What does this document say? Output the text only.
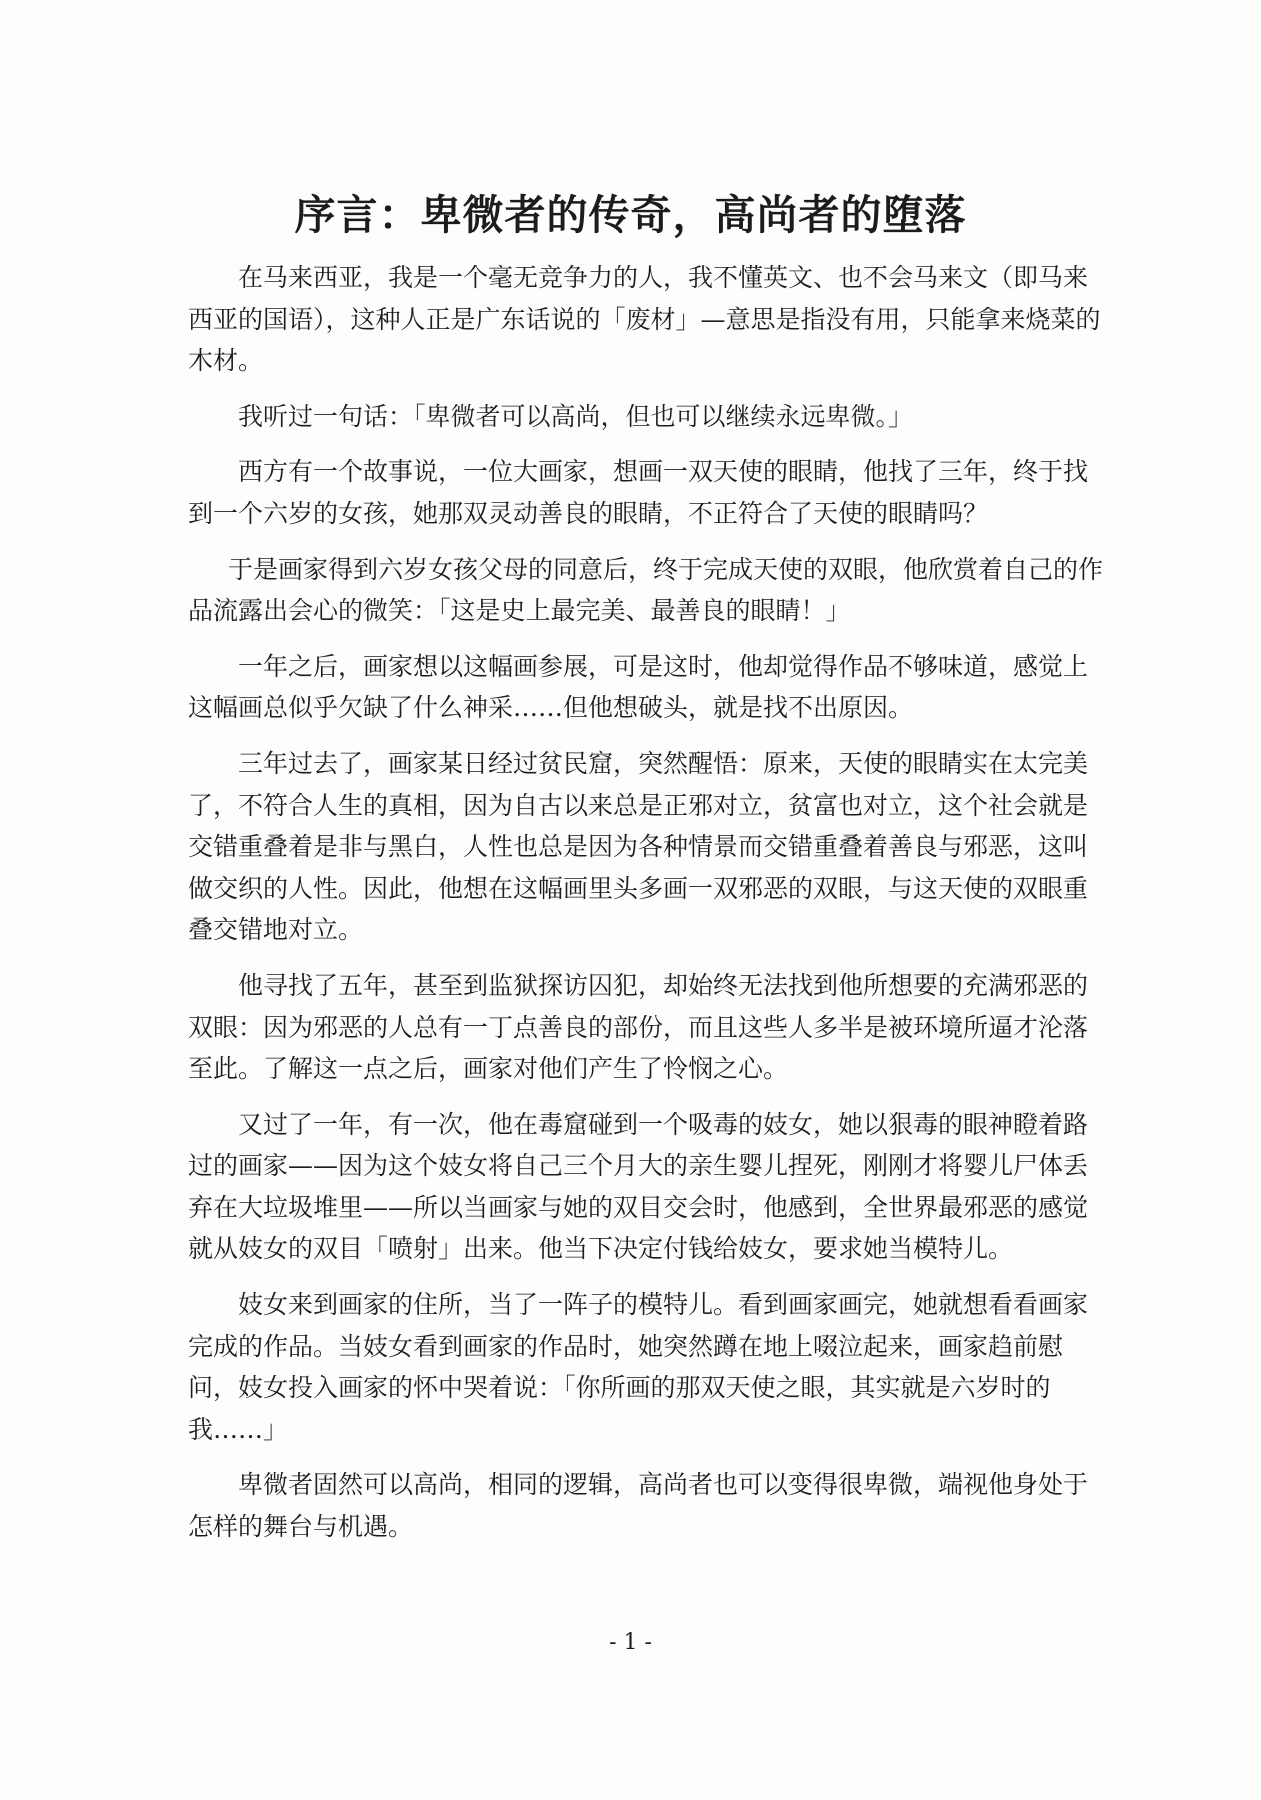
序言：卑微者的传奇，高尚者的堕落

在马来西亚，我是一个毫无竞争力的人，我不懂英文、也不会马来文（即马来西亚的国语），这种人正是广东话说的「废材」—意思是指没有用，只能拿来烧菜的木材。

我听过一句话：「卑微者可以高尚，但也可以继续永远卑微。」

西方有一个故事说，一位大画家，想画一双天使的眼睛，他找了三年，终于找到一个六岁的女孩，她那双灵动善良的眼睛，不正符合了天使的眼睛吗？

于是画家得到六岁女孩父母的同意后，终于完成天使的双眼，他欣赏着自己的作品流露出会心的微笑：「这是史上最完美、最善良的眼睛！」

一年之后，画家想以这幅画参展，可是这时，他却觉得作品不够味道，感觉上这幅画总似乎欠缺了什么神采……但他想破头，就是找不出原因。

三年过去了，画家某日经过贫民窟，突然醒悟：原来，天使的眼睛实在太完美了，不符合人生的真相，因为自古以来总是正邪对立，贫富也对立，这个社会就是交错重叠着是非与黑白，人性也总是因为各种情景而交错重叠着善良与邪恶，这叫做交织的人性。因此，他想在这幅画里头多画一双邪恶的双眼，与这天使的双眼重叠交错地对立。

他寻找了五年，甚至到监狱探访囚犯，却始终无法找到他所想要的充满邪恶的双眼：因为邪恶的人总有一丁点善良的部份，而且这些人多半是被环境所逼才沦落至此。了解这一点之后，画家对他们产生了怜悯之心。

又过了一年，有一次，他在毒窟碰到一个吸毒的妓女，她以狠毒的眼神瞪着路过的画家——因为这个妓女将自己三个月大的亲生婴儿捏死，刚刚才将婴儿尸体丢弃在大垃圾堆里——所以当画家与她的双目交会时，他感到，全世界最邪恶的感觉就从妓女的双目「喷射」出来。他当下决定付钱给妓女，要求她当模特儿。

妓女来到画家的住所，当了一阵子的模特儿。看到画家画完，她就想看看画家完成的作品。当妓女看到画家的作品时，她突然蹲在地上啜泣起来，画家趋前慰问，妓女投入画家的怀中哭着说：「你所画的那双天使之眼，其实就是六岁时的我……」

卑微者固然可以高尚，相同的逻辑，高尚者也可以变得很卑微，端视他身处于怎样的舞台与机遇。

- 1 -
